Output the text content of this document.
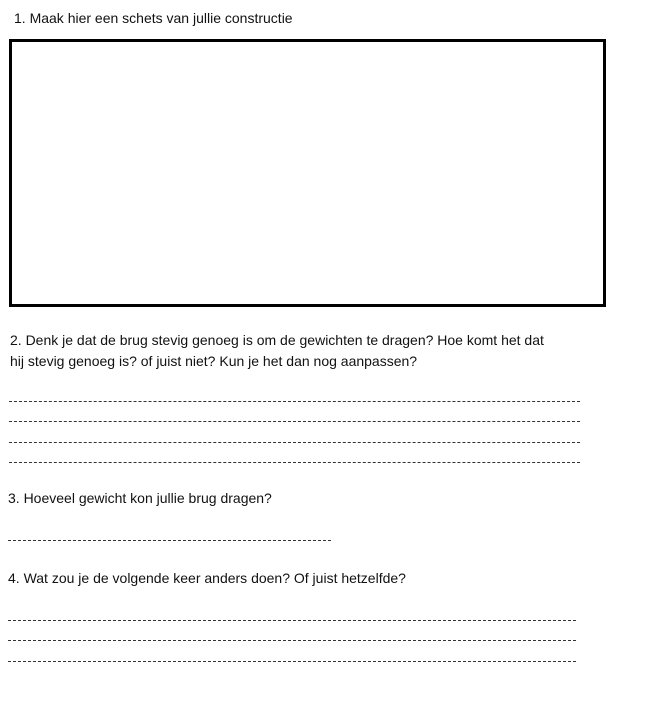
1. Maak hier een schets van jullie constructie

2. Denk je dat de brug stevig genoeg is om de gewichten te dragen? Hoe komt het dat

hij stevig genoeg is? of juist niet? Kun je het dan nog aanpassen?

3. Hoeveel gewicht kon jullie brug dragen?

4. Wat zou je de volgende keer anders doen? Of juist hetzelfde?
